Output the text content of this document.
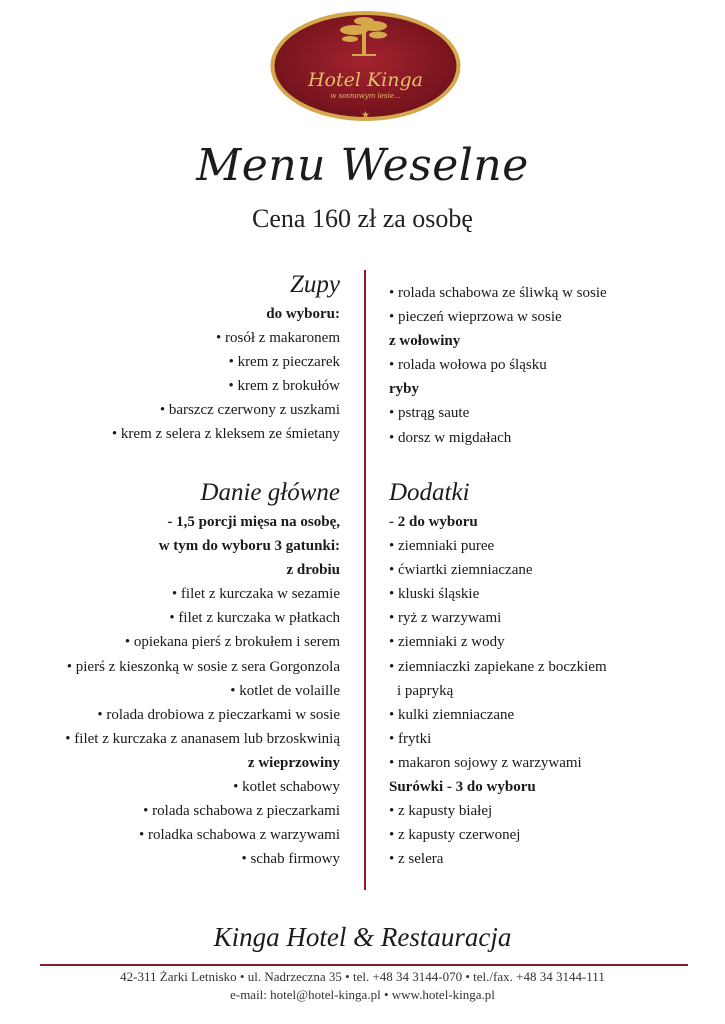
Hotel Kinga
w sosnowym lesie...
★
Menu Weselne
Cena 160 zł za osobę
Zupy
do wyboru:
• rosół z makaronem
• krem z pieczarek
• krem z brokułów
• barszcz czerwony z uszkami
• krem z selera z kleksem ze śmietany
Danie główne
- 1,5 porcji mięsa na osobę,
w tym do wyboru 3 gatunki:
z drobiu
• filet z kurczaka w sezamie
• filet z kurczaka w płatkach
• opiekana pierś z brokułem i serem
• pierś z kieszonką w sosie z sera Gorgonzola
• kotlet de volaille
• rolada drobiowa z pieczarkami w sosie
• filet z kurczaka z ananasem lub brzoskwinią
z wieprzowiny
• kotlet schabowy
• rolada schabowa z pieczarkami
• roladka schabowa z warzywami
• schab firmowy
• rolada schabowa ze śliwką w sosie
• pieczeń wieprzowa w sosie
z wołowiny
• rolada wołowa po śląsku
ryby
• pstrąg saute
• dorsz w migdałach
Dodatki
- 2 do wyboru
• ziemniaki puree
• ćwiartki ziemniaczane
• kluski śląskie
• ryż z warzywami
• ziemniaki z wody
• ziemniaczki zapiekane z boczkiem
i papryką
• kulki ziemniaczane
• frytki
• makaron sojowy z warzywami
Surówki - 3 do wyboru
• z kapusty białej
• z kapusty czerwonej
• z selera
Kinga Hotel & Restauracja
42-311 Żarki Letnisko • ul. Nadrzeczna 35 • tel. +48 34 3144-070 • tel./fax. +48 34 3144-111
e-mail: hotel@hotel-kinga.pl • www.hotel-kinga.pl
